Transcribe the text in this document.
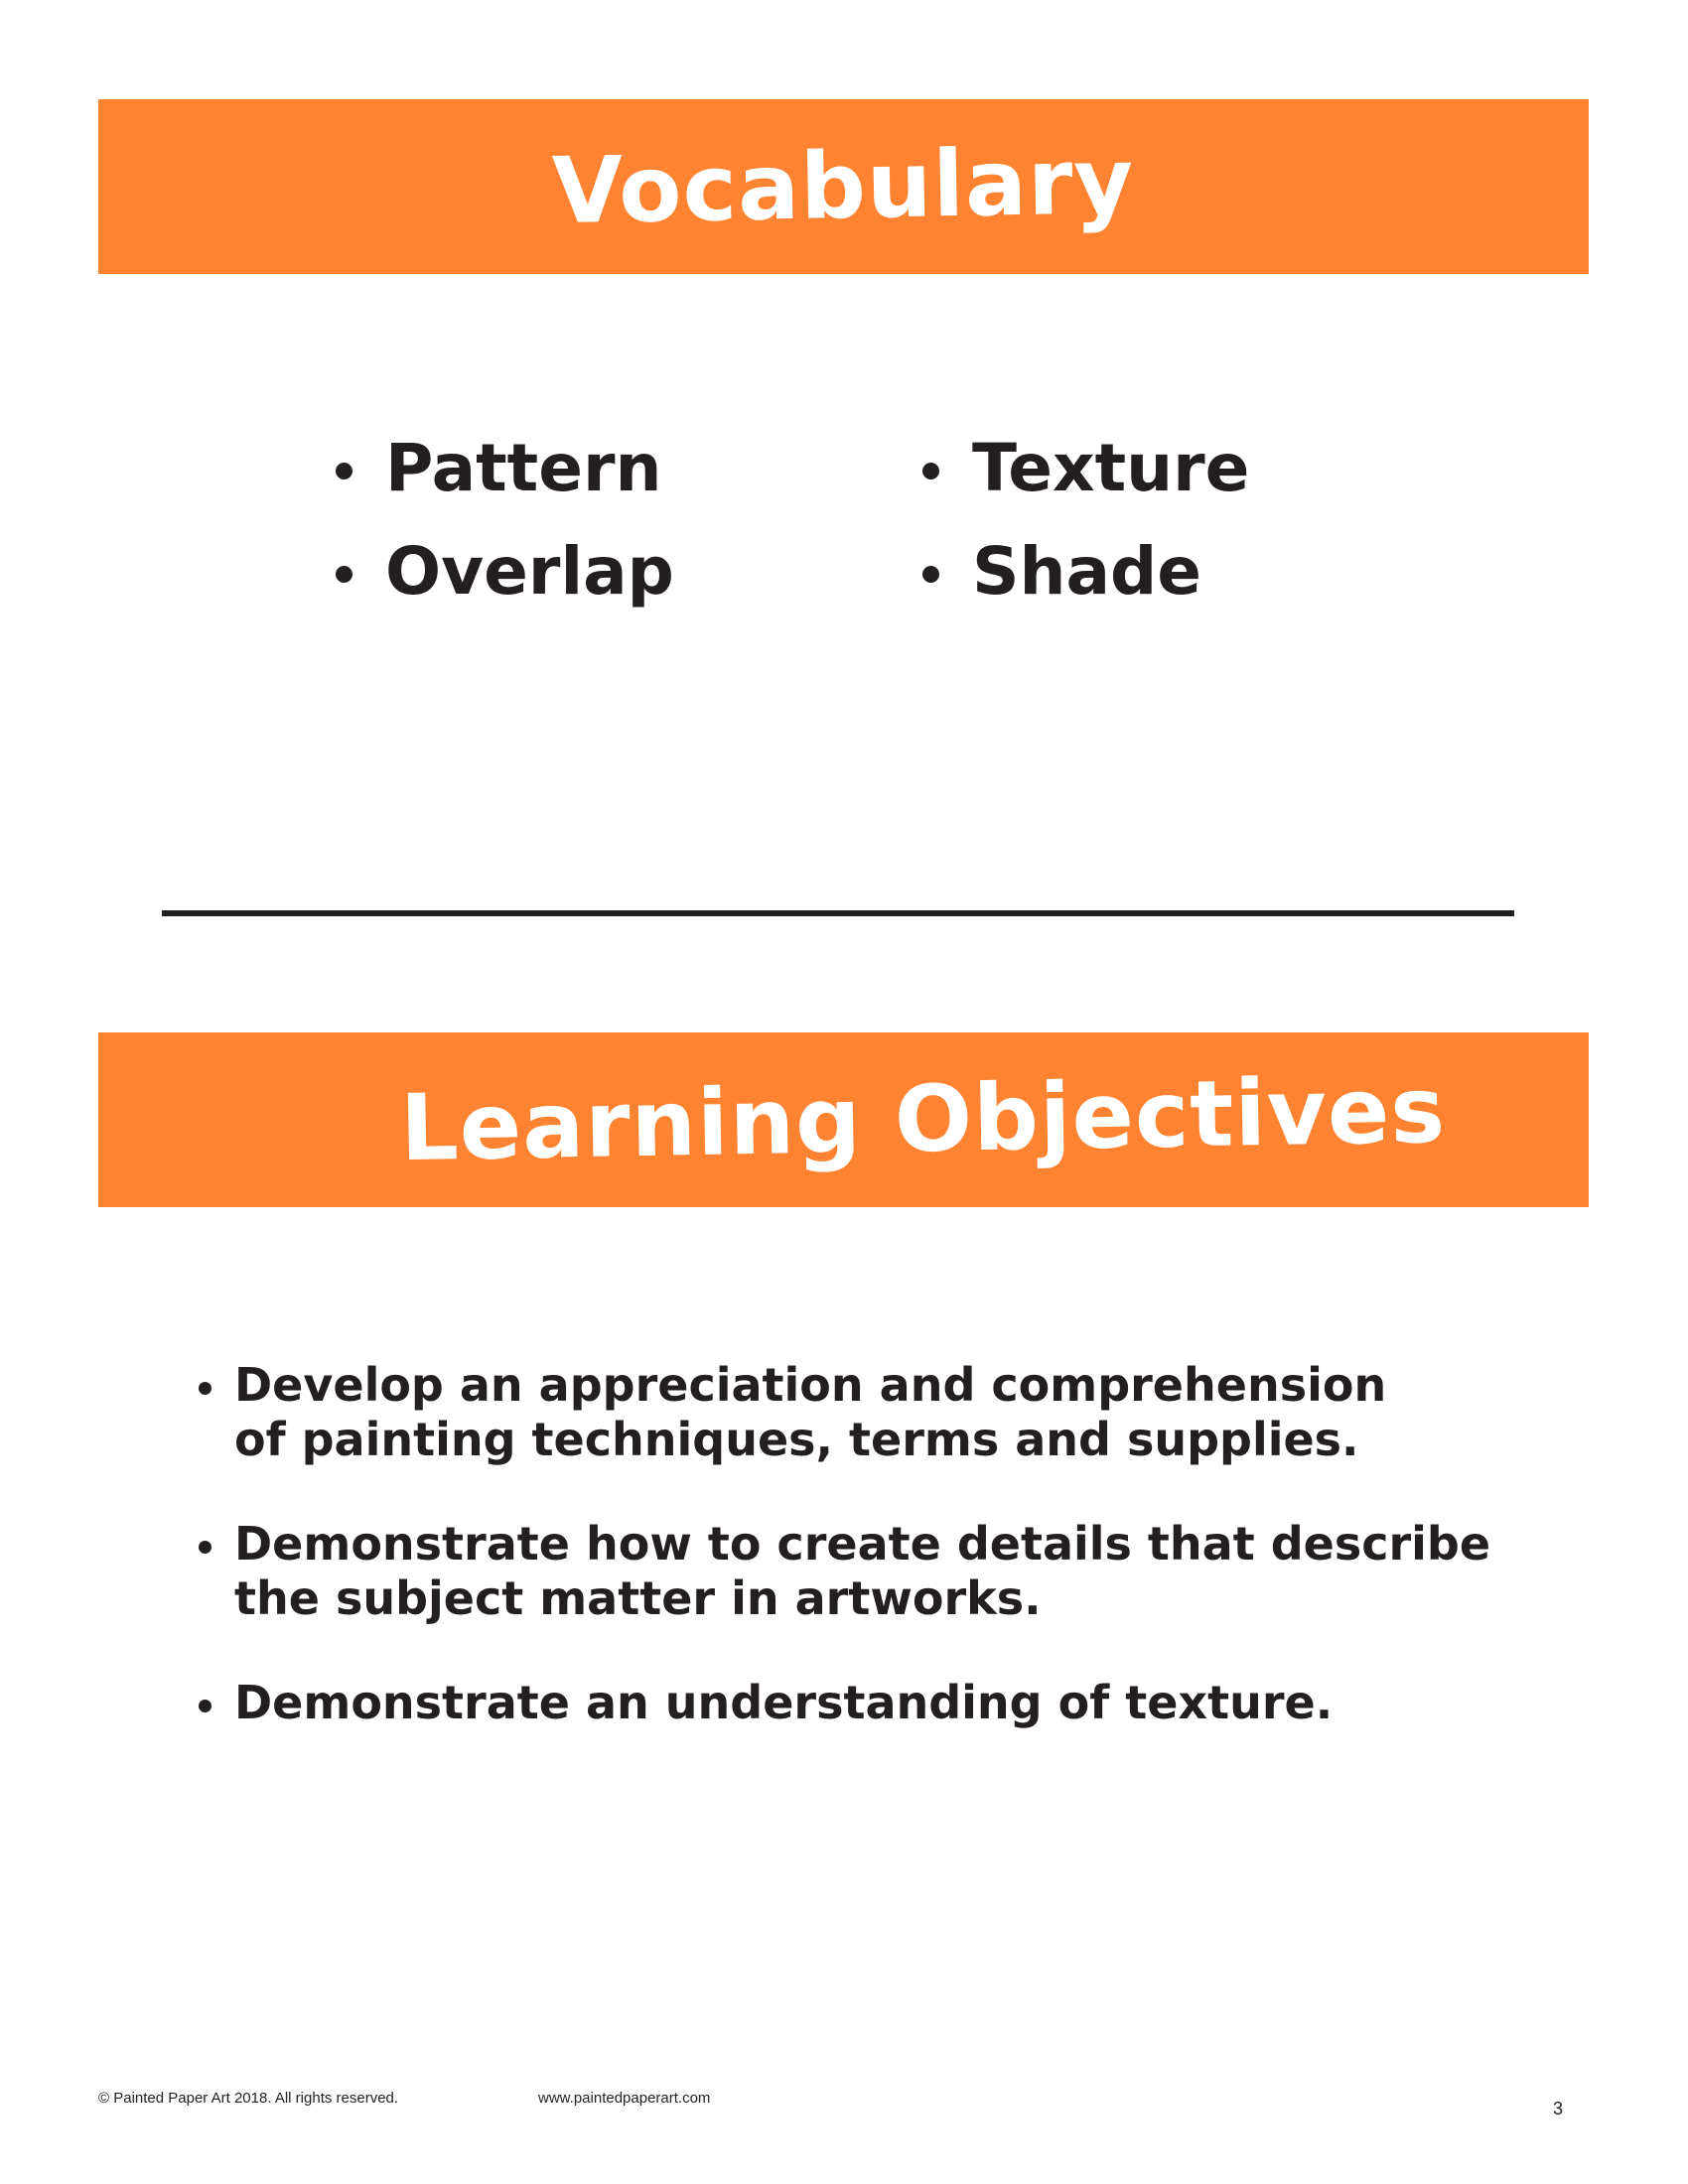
Vocabulary
Pattern
Overlap
Texture
Shade
Learning Objectives
Develop an appreciation and comprehension of painting techniques, terms and supplies.
Demonstrate how to create details that describe the subject matter in artworks.
Demonstrate an understanding of texture.
© Painted Paper Art 2018. All rights reserved.	www.paintedpaperart.com
3
